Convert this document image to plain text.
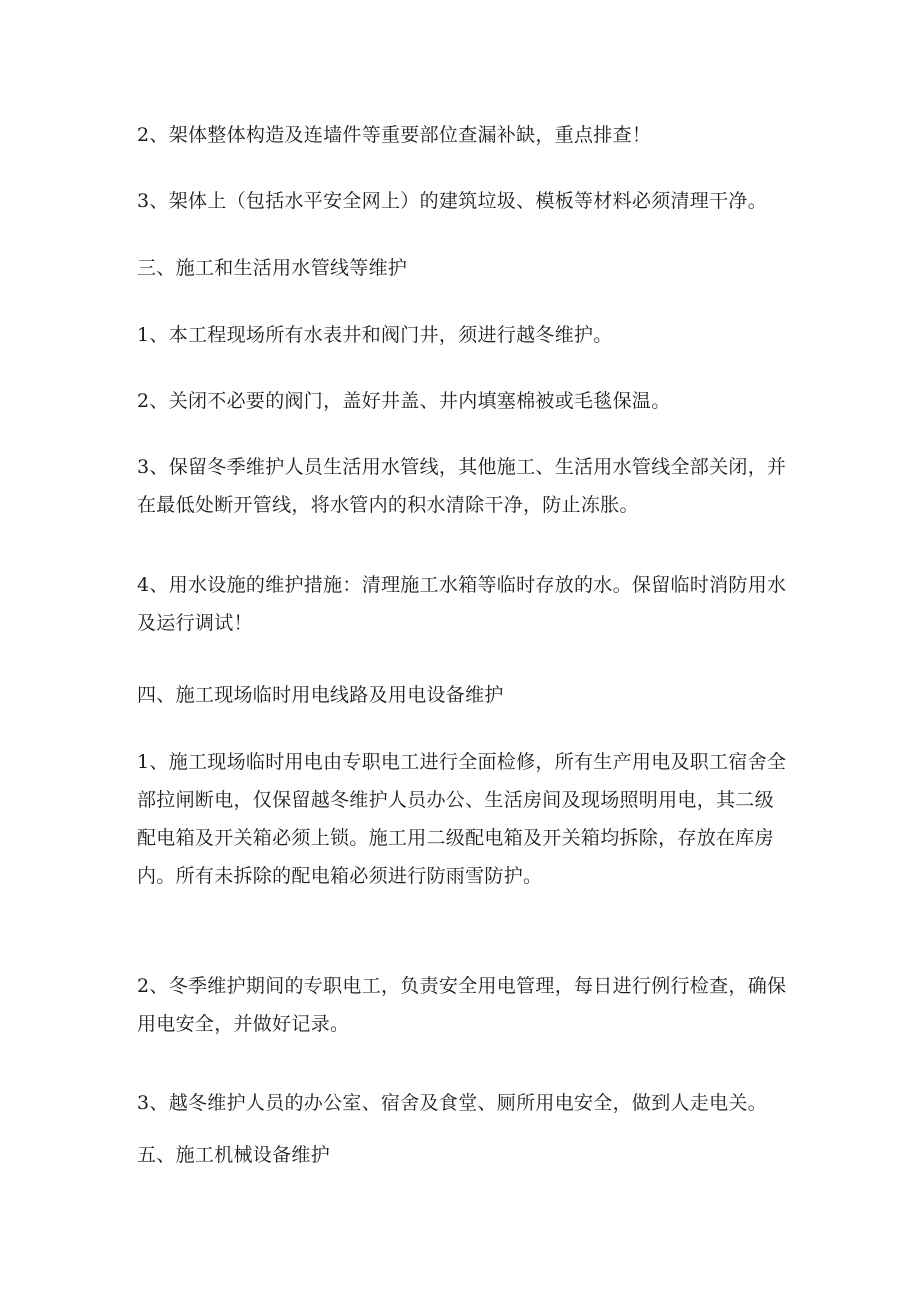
2、架体整体构造及连墙件等重要部位查漏补缺，重点排查！

3、架体上（包括水平安全网上）的建筑垃圾、模板等材料必须清理干净。

三、施工和生活用水管线等维护

1、本工程现场所有水表井和阀门井，须进行越冬维护。

2、关闭不必要的阀门，盖好井盖、井内填塞棉被或毛毯保温。

3、保留冬季维护人员生活用水管线，其他施工、生活用水管线全部关闭，并在最低处断开管线，将水管内的积水清除干净，防止冻胀。

4、用水设施的维护措施：清理施工水箱等临时存放的水。保留临时消防用水及运行调试！

四、施工现场临时用电线路及用电设备维护

1、施工现场临时用电由专职电工进行全面检修，所有生产用电及职工宿舍全部拉闸断电，仅保留越冬维护人员办公、生活房间及现场照明用电，其二级配电箱及开关箱必须上锁。施工用二级配电箱及开关箱均拆除，存放在库房内。所有未拆除的配电箱必须进行防雨雪防护。

2、冬季维护期间的专职电工，负责安全用电管理，每日进行例行检查，确保用电安全，并做好记录。

3、越冬维护人员的办公室、宿舍及食堂、厕所用电安全，做到人走电关。

五、施工机械设备维护
